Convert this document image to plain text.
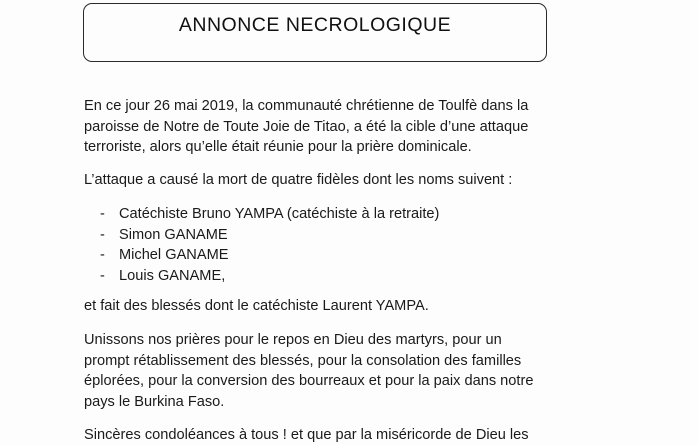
ANNONCE NECROLOGIQUE

En ce jour 26 mai 2019, la communauté chrétienne de Toulfè dans la
paroisse de Notre de Toute Joie de Titao, a été la cible d’une attaque
terroriste, alors qu’elle était réunie pour la prière dominicale.

L’attaque a causé la mort de quatre fidèles dont les noms suivent :

- Catéchiste Bruno YAMPA (catéchiste à la retraite)
- Simon GANAME
- Michel GANAME
- Louis GANAME,

et fait des blessés dont le catéchiste Laurent YAMPA.

Unissons nos prières pour le repos en Dieu des martyrs, pour un
prompt rétablissement des blessés, pour la consolation des familles
éplorées, pour la conversion des bourreaux et pour la paix dans notre
pays le Burkina Faso.

Sincères condoléances à tous ! et que par la miséricorde de Dieu les
